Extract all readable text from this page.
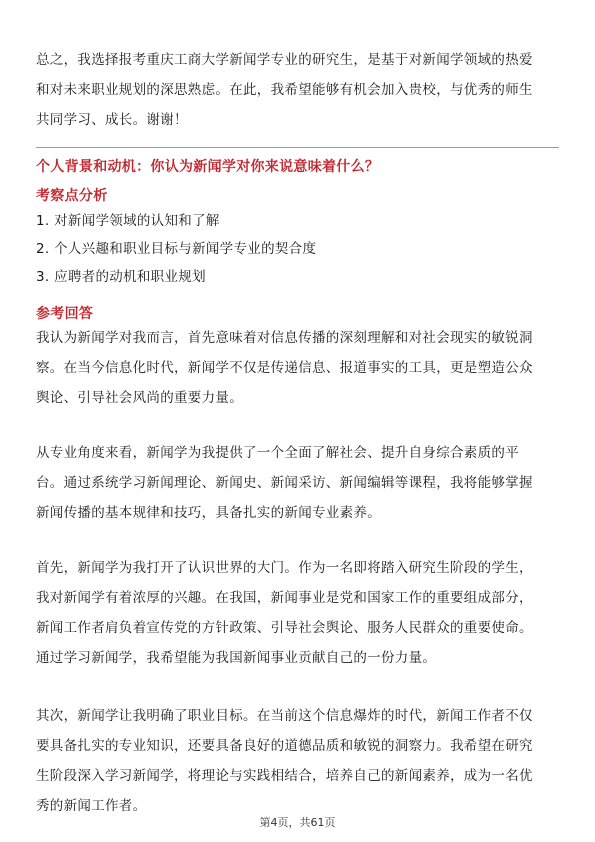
总之，我选择报考重庆工商大学新闻学专业的研究生，是基于对新闻学领域的热爱
和对未来职业规划的深思熟虑。在此，我希望能够有机会加入贵校，与优秀的师生
共同学习、成长。谢谢！
个人背景和动机：你认为新闻学对你来说意味着什么？
考察点分析
1. 对新闻学领域的认知和了解
2. 个人兴趣和职业目标与新闻学专业的契合度
3. 应聘者的动机和职业规划
参考回答
我认为新闻学对我而言，首先意味着对信息传播的深刻理解和对社会现实的敏锐洞
察。在当今信息化时代，新闻学不仅是传递信息、报道事实的工具，更是塑造公众
舆论、引导社会风尚的重要力量。
从专业角度来看，新闻学为我提供了一个全面了解社会、提升自身综合素质的平
台。通过系统学习新闻理论、新闻史、新闻采访、新闻编辑等课程，我将能够掌握
新闻传播的基本规律和技巧，具备扎实的新闻专业素养。
首先，新闻学为我打开了认识世界的大门。作为一名即将踏入研究生阶段的学生，
我对新闻学有着浓厚的兴趣。在我国，新闻事业是党和国家工作的重要组成部分，
新闻工作者肩负着宣传党的方针政策、引导社会舆论、服务人民群众的重要使命。
通过学习新闻学，我希望能为我国新闻事业贡献自己的一份力量。
其次，新闻学让我明确了职业目标。在当前这个信息爆炸的时代，新闻工作者不仅
要具备扎实的专业知识，还要具备良好的道德品质和敏锐的洞察力。我希望在研究
生阶段深入学习新闻学，将理论与实践相结合，培养自己的新闻素养，成为一名优
秀的新闻工作者。
第4页，共61页
